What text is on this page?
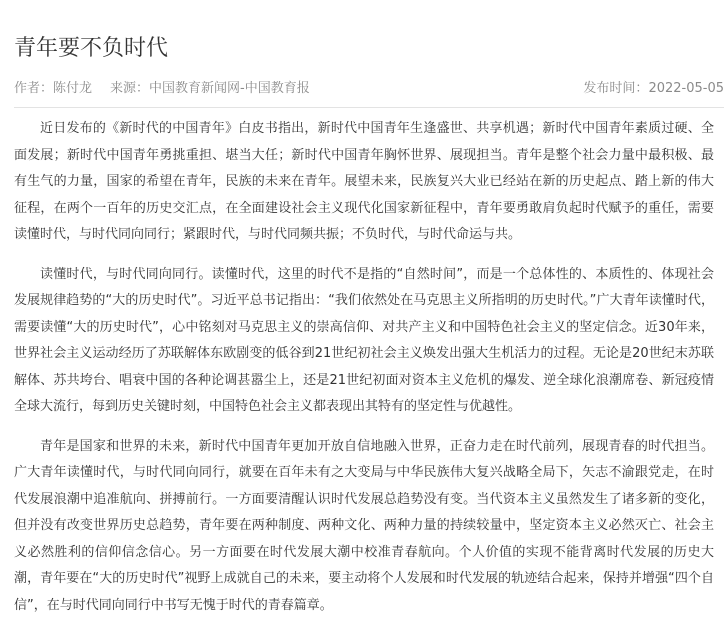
青年要不负时代
作者：陈付龙 来源：中国教育新闻网-中国教育报	发布时间：2022-05-05

近日发布的《新时代的中国青年》白皮书指出，新时代中国青年生逢盛世、共享机遇；新时代中国青年素质过硬、全面发展；新时代中国青年勇挑重担、堪当大任；新时代中国青年胸怀世界、展现担当。青年是整个社会力量中最积极、最有生气的力量，国家的希望在青年，民族的未来在青年。展望未来，民族复兴大业已经站在新的历史起点、踏上新的伟大征程，在两个一百年的历史交汇点，在全面建设社会主义现代化国家新征程中，青年要勇敢肩负起时代赋予的重任，需要读懂时代，与时代同向同行；紧跟时代，与时代同频共振；不负时代，与时代命运与共。

读懂时代，与时代同向同行。读懂时代，这里的时代不是指的“自然时间”，而是一个总体性的、本质性的、体现社会发展规律趋势的“大的历史时代”。习近平总书记指出：“我们依然处在马克思主义所指明的历史时代。”广大青年读懂时代，需要读懂“大的历史时代”，心中铭刻对马克思主义的崇高信仰、对共产主义和中国特色社会主义的坚定信念。近30年来，世界社会主义运动经历了苏联解体东欧剧变的低谷到21世纪初社会主义焕发出强大生机活力的过程。无论是20世纪末苏联解体、苏共垮台、唱衰中国的各种论调甚嚣尘上，还是21世纪初面对资本主义危机的爆发、逆全球化浪潮席卷、新冠疫情全球大流行，每到历史关键时刻，中国特色社会主义都表现出其特有的坚定性与优越性。

青年是国家和世界的未来，新时代中国青年更加开放自信地融入世界，正奋力走在时代前列，展现青春的时代担当。广大青年读懂时代，与时代同向同行，就要在百年未有之大变局与中华民族伟大复兴战略全局下，矢志不渝跟党走，在时代发展浪潮中追准航向、拼搏前行。一方面要清醒认识时代发展总趋势没有变。当代资本主义虽然发生了诸多新的变化，但并没有改变世界历史总趋势，青年要在两种制度、两种文化、两种力量的持续较量中，坚定资本主义必然灭亡、社会主义必然胜利的信仰信念信心。另一方面要在时代发展大潮中校准青春航向。个人价值的实现不能背离时代发展的历史大潮，青年要在“大的历史时代”视野上成就自己的未来，要主动将个人发展和时代发展的轨迹结合起来，保持并增强“四个自信”，在与时代同向同行中书写无愧于时代的青春篇章。
